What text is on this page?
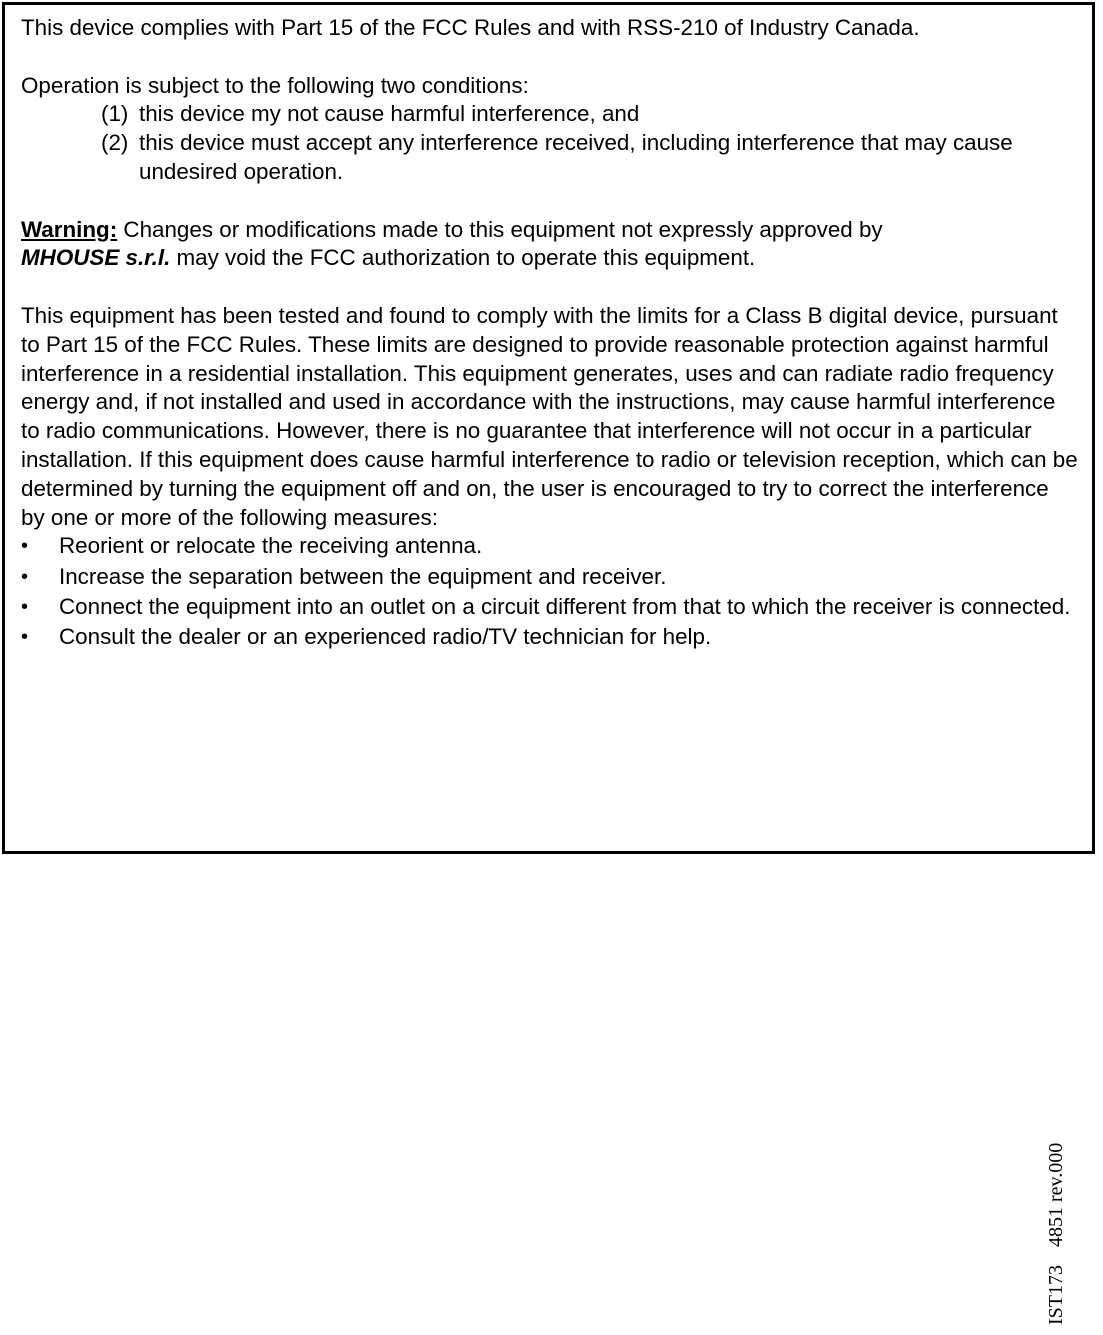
This device complies with Part 15 of the FCC Rules and with RSS-210 of Industry Canada.

Operation is subject to the following two conditions:

(1) this device my not cause harmful interference, and
(2) this device must accept any interference received, including interference that may cause undesired operation.

Warning: Changes or modifications made to this equipment not expressly approved by
MHOUSE s.r.l. may void the FCC authorization to operate this equipment.

This equipment has been tested and found to comply with the limits for a Class B digital device, pursuant to Part 15 of the FCC Rules. These limits are designed to provide reasonable protection against harmful interference in a residential installation. This equipment generates, uses and can radiate radio frequency energy and, if not installed and used in accordance with the instructions, may cause harmful interference to radio communications. However, there is no guarantee that interference will not occur in a particular installation. If this equipment does cause harmful interference to radio or television reception, which can be determined by turning the equipment off and on, the user is encouraged to try to correct the interference by one or more of the following measures:

•	Reorient or relocate the receiving antenna.
•	Increase the separation between the equipment and receiver.
•	Connect the equipment into an outlet on a circuit different from that to which the receiver is connected.
•	Consult the dealer or an experienced radio/TV technician for help.
IST1734851 rev.000
